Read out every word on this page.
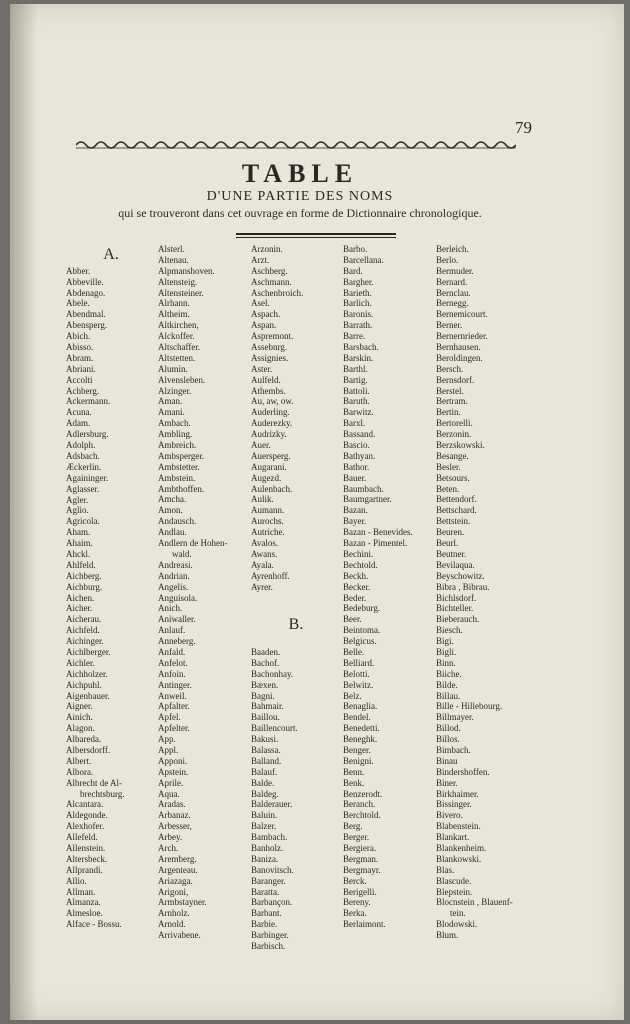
79
TABLE
D'UNE PARTIE DES NOMS
qui se trouveront dans cet ouvrage en forme de Dictionnaire chronologique.
A.
Abber.
Abbeville.
Abdenago.
Abele.
Abendmal.
Abensperg.
Abich.
Abisso.
Abram.
Abriani.
Accolti
Achberg.
Ackermann.
Acuna.
Adam.
Adlersburg.
Adolph.
Adsbach.
Æckerlin.
Againinger.
Aglasser.
Agler.
Aglio.
Agricola.
Aham.
Ahaim.
Ahckl.
Ahlfeld.
Aichberg.
Aichburg.
Aichen.
Aicher.
Aicherau.
Aichfeld.
Aichinger.
Aichlberger.
Aichler.
Aichholzer.
Aichpuhl.
Aigenbauer.
Aigner.
Ainich.
Alagon.
Albareda.
Albersdorff.
Albert.
Albora.
Albrecht de Al-
brechtsburg.
Alcantara.
Aldegonde.
Alexhofer.
Allefeld.
Allenstein.
Altersbeck.
Allprandi.
Allio.
Allman.
Almanza.
Almesloe.
Alface - Bossu.
Alsterl.
Altenau.
Alpmanshoven.
Altensteig.
Altensteiner.
Alrhann.
Altheim.
Altkirchen,
Alckoffer.
Altschaffer.
Altstetten.
Alumin.
Alvensleben.
Alzinger.
Aman.
Amani.
Ambach.
Ambling.
Ambreich.
Ambsperger.
Ambstetter.
Ambstein.
Ambthoffen.
Amcha.
Amon.
Andausch.
Andlau.
Andlern de Hohen-
wald.
Andreasi.
Andrian.
Angelis.
Anguisola.
Anich.
Aniwaller.
Anlauf.
Anneberg.
Anfald.
Anfelot.
Anfoin.
Antinger.
Anweil.
Apfalter.
Apfel.
Apfelter.
App.
Appl.
Apponi.
Apstein.
Aprile.
Aqua.
Aradas.
Arbanaz.
Arbesser,
Arbey.
Arch.
Aremberg.
Argenteau.
Ariazaga.
Arigoni,
Armbstayner.
Arnholz.
Arnold.
Arrivabene.
Arzonin.
Arzt.
Aschberg.
Aschmann.
Aschenbroich.
Asel.
Aspach.
Aspan.
Aspremont.
Assebnrg.
Assignies.
Aster.
Aulfeld.
Athembs.
Au, aw, ow.
Auderling.
Auderezky.
Audrizky.
Auer.
Auersperg.
Augarani.
Augezd.
Aulenbach.
Aulik.
Aumann.
Aurochs.
Autriche.
Avalos.
Awans.
Ayala.
Ayrenhoff.
Ayrer.
B.
Baaden.
Bachof.
Bachonhay.
Bæxen.
Bagni.
Bahmair.
Baillou.
Baillencourt.
Bakusi.
Balassa.
Balland.
Balauf.
Balde.
Baldeg.
Balderauer.
Baluin.
Balzer.
Bambach.
Banholz.
Baniza.
Banovitsch.
Baranger.
Baratta.
Barbançon.
Barbant.
Barbie.
Barbinger.
Barbisch.
Barbo.
Barcellana.
Bard.
Bargher.
Barieth.
Barlich.
Baronis.
Barrath.
Barre.
Barsbach.
Barskin.
Barthl.
Bartig.
Battoli.
Baruth.
Barwitz.
Barxl.
Bassand.
Bascio.
Bathyan.
Bathor.
Bauer.
Baumbach.
Baumgartner.
Bazan.
Bayer.
Bazan - Benevides.
Bazan - Pimentel.
Bechini.
Bechtold.
Beckh.
Becker.
Beder.
Bedeburg.
Beer.
Beintoma.
Belgicus.
Belle.
Belliard.
Belotti.
Belwitz.
Belz.
Benaglia.
Bendel.
Benedetti.
Beneghk.
Benger.
Benigni.
Benn.
Benk.
Benzerodt.
Beranch.
Berchtold.
Berg.
Berger.
Bergiera.
Bergman.
Bergmayr.
Berck.
Berigelli.
Bereny.
Berka.
Berlaimont.
Berleich.
Berlo.
Bermuder.
Bernard.
Bernclau.
Bernegg.
Bernemicourt.
Berner.
Bernernrieder.
Bernhausen.
Beroldingen.
Bersch.
Bernsdorf.
Berstel.
Bertram.
Bertin.
Bertorelli.
Berzonin.
Berzskowski.
Besange.
Besler.
Betsours.
Beten.
Bettendorf.
Bettschard.
Bettstein.
Beuren.
Beurl.
Beutner.
Bevilaqua.
Beyschowitz.
Bibra , Bibrau.
Bichlsdorf.
Bichteller.
Bieberauch.
Biesch.
Bigi.
Bigli.
Binn.
Biiche.
Bilde.
Billau.
Bille - Hillebourg.
Billmayer.
Billod.
Billos.
Bimbach.
Binau
Bindershoffen.
Biner.
Birkhaimer.
Bissinger.
Bivero.
Blabenstein.
Blankart.
Blankenheim.
Blankowski.
Blas.
Blascude.
Blepstein.
Blocnstein , Blauenf-
tein.
Blodowski.
Blum.
